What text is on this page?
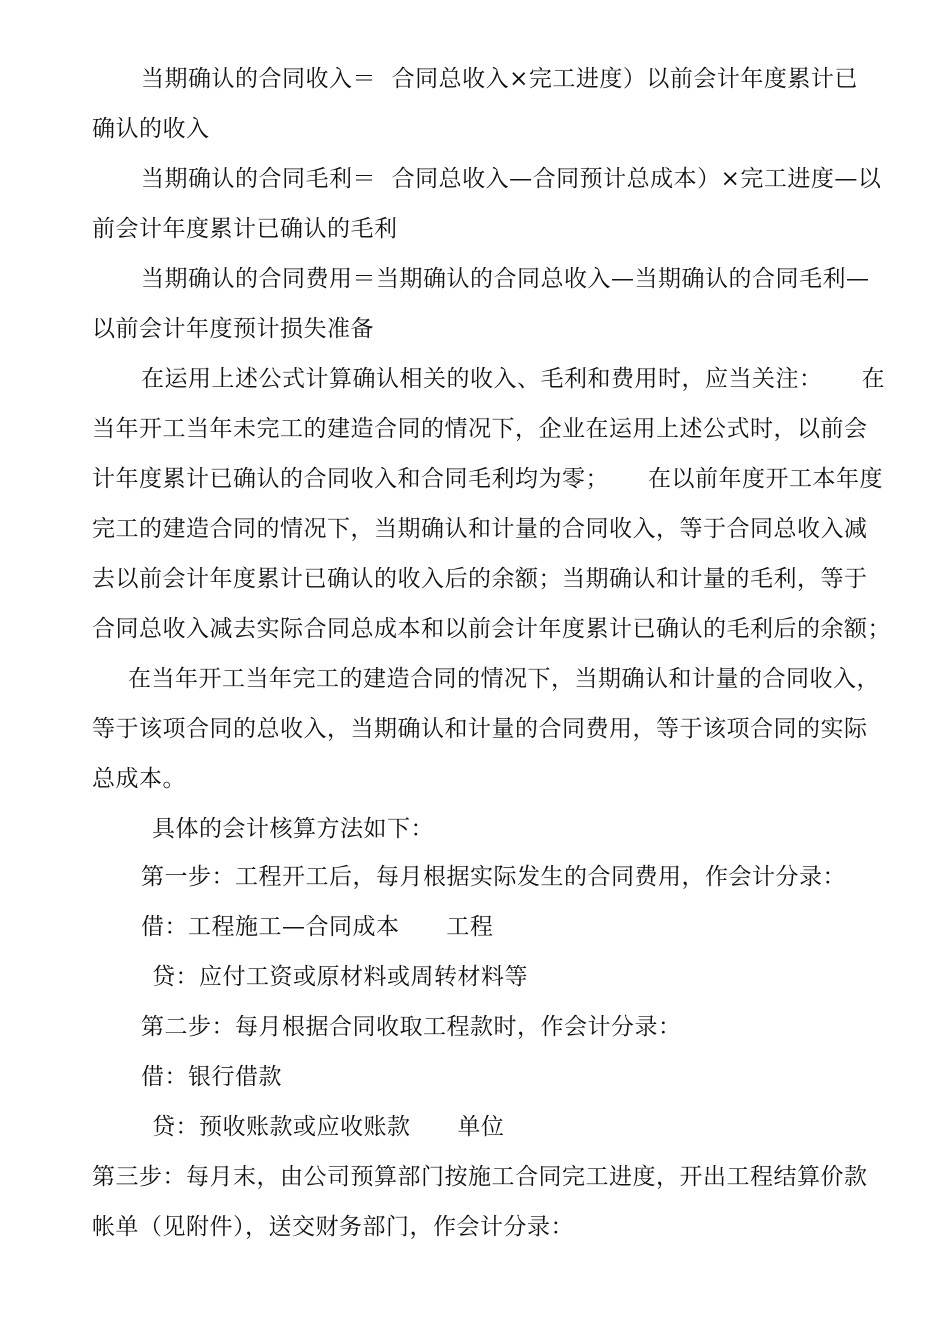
当期确认的合同收入＝  合同总收入×完工进度）以前会计年度累计已
确认的收入
当期确认的合同毛利＝  合同总收入—合同预计总成本）×完工进度—以
前会计年度累计已确认的毛利
当期确认的合同费用＝当期确认的合同总收入—当期确认的合同毛利—
以前会计年度预计损失准备
在运用上述公式计算确认相关的收入、毛利和费用时，应当关注：     在
当年开工当年未完工的建造合同的情况下，企业在运用上述公式时，以前会
计年度累计已确认的合同收入和合同毛利均为零；     在以前年度开工本年度
完工的建造合同的情况下，当期确认和计量的合同收入，等于合同总收入减
去以前会计年度累计已确认的收入后的余额；当期确认和计量的毛利，等于
合同总收入减去实际合同总成本和以前会计年度累计已确认的毛利后的余额；
在当年开工当年完工的建造合同的情况下，当期确认和计量的合同收入，
等于该项合同的总收入，当期确认和计量的合同费用，等于该项合同的实际
总成本。
具体的会计核算方法如下：
第一步：工程开工后，每月根据实际发生的合同费用，作会计分录：
借：工程施工—合同成本      工程
贷：应付工资或原材料或周转材料等
第二步：每月根据合同收取工程款时，作会计分录：
借：银行借款
贷：预收账款或应收账款      单位
第三步：每月末，由公司预算部门按施工合同完工进度，开出工程结算价款
帐单（见附件），送交财务部门，作会计分录：
